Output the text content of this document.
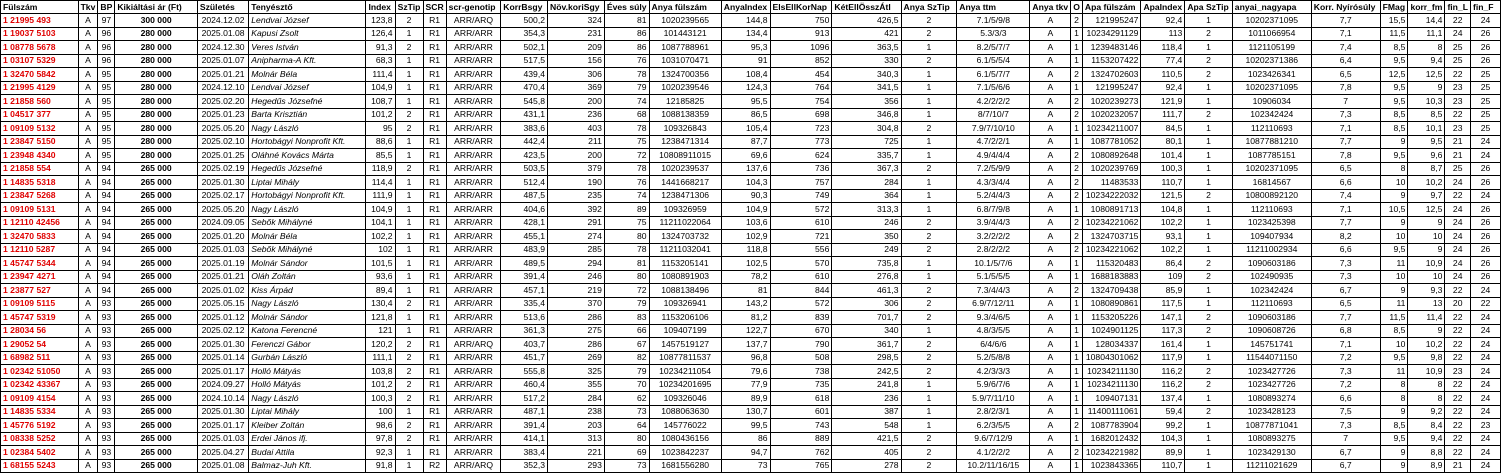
Fülszám	Tkv	BP	Kikiáltási ár (Ft)	Születés	Tenyésztő	Index	SzTip	SCR	scr-genotip	KorrBsgy	Növ.koriSgy	Éves súly	Anya fülszám	AnyaIndex	ElsEllKorNap	KétEllÖsszÁtl	Anya SzTip	Anya ttm	Anya tkv	O	Apa fülszám	ApaIndex	Apa SzTip	anyai_nagyapa	Korr. Nyírósúly	FMag	korr_fm	fin_L	fin_F
1 21995 493	A	97	300 000	2024.12.02	Lendvai József	123,8	2	R1	ARR/ARQ	500,2	324	81	1020239565	144,8	750	426,5	2	7.1/5/9/8	A	2	121995247	92,4	1	10202371095	7,7	15,5	14,4	22	24
1 19037 5103	A	96	280 000	2025.01.08	Kapusi Zsolt	126,4	1	R1	ARR/ARR	354,3	231	86	101443121	134,4	913	421	2	5.3/3/3	A	1	10234291129	113	2	1011066954	7,1	11,5	11,1	24	26
1 08778 5678	A	96	280 000	2024.12.30	Veres István	91,3	2	R1	ARR/ARR	502,1	209	86	1087788961	95,3	1096	363,5	1	8.2/5/7/7	A	1	1239483146	118,4	1	1121105199	7,4	8,5	8	25	26
1 03107 5329	A	96	280 000	2025.01.07	Anipharma-A Kft.	68,3	1	R1	ARR/ARR	517,5	156	76	1031070471	91	852	330	2	6.1/5/5/4	A	1	1153207422	77,4	2	10202371386	6,4	9,5	9,4	25	26
1 32470 5842	A	95	280 000	2025.01.21	Molnár Béla	111,4	1	R1	ARR/ARR	439,4	306	78	1324700356	108,4	454	340,3	1	6.1/5/7/7	A	2	1324702603	110,5	2	1023426341	6,5	12,5	12,5	22	25
1 21995 4129	A	95	280 000	2024.12.10	Lendvai József	104,9	1	R1	ARR/ARR	470,4	369	79	1020239546	124,3	764	341,5	1	7.1/5/6/6	A	1	121995247	92,4	1	10202371095	7,8	9,5	9	23	25
1 21858 560	A	95	280 000	2025.02.20	Hegedűs Józsefné	108,7	1	R1	ARR/ARR	545,8	200	74	12185825	95,5	754	356	1	4.2/2/2/2	A	2	1020239273	121,9	1	10906034	7	9,5	10,3	23	25
1 04517 377	A	95	280 000	2025.01.23	Barta Krisztián	101,2	2	R1	ARR/ARR	431,1	236	68	1088138359	86,5	698	346,8	1	8/7/10/7	A	2	1020232057	111,7	2	102342424	7,3	8,5	8,5	22	25
1 09109 5132	A	95	280 000	2025.05.20	Nagy László	95	2	R1	ARR/ARR	383,6	403	78	109326843	105,4	723	304,8	2	7.9/7/10/10	A	1	10234211007	84,5	1	112110693	7,1	8,5	10,1	23	25
1 23847 5150	A	95	280 000	2025.02.10	Hortobágyi Nonprofit Kft.	88,6	1	R1	ARR/ARR	442,4	211	75	1238471314	87,7	773	725	1	4.7/2/2/1	A	1	1087781052	80,1	1	10877881210	7,7	9	9,5	21	24
1 23948 4340	A	95	280 000	2025.01.25	Oláhné Kovács Márta	85,5	1	R1	ARR/ARR	423,5	200	72	10808911015	69,6	624	335,7	1	4.9/4/4/4	A	2	1080892648	101,4	1	1087785151	7,8	9,5	9,6	21	24
1 21858 554	A	94	265 000	2025.02.19	Hegedűs Józsefné	118,9	2	R1	ARR/ARR	503,5	379	78	1020239537	137,6	736	367,3	2	7.2/5/9/9	A	2	1020239769	100,3	1	10202371095	6,5	8	8,7	25	26
1 14835 5318	A	94	265 000	2025.01.30	Liptai Mihály	114,4	1	R1	ARR/ARR	512,4	190	76	1441668217	104,3	757	284	1	4.3/3/4/4	A	2	11483533	110,7	1	16814567	6,6	10	10,2	24	26
1 23847 5268	A	94	265 000	2025.02.17	Hortobágyi Nonprofit Kft.	111,9	1	R1	ARR/ARR	487,5	235	74	1238471306	90,3	749	364	1	5.2/4/4/3	A	2	10234222032	121,5	2	10800892120	7,4	9	9,7	22	24
1 09109 5131	A	94	265 000	2025.05.20	Nagy László	104,9	1	R1	ARR/ARR	404,6	392	89	109326959	104,9	572	313,3	1	6.8/7/9/8	A	1	1080891713	104,8	1	112110693	7,1	10,5	12,5	24	26
1 12110 42456	A	94	265 000	2024.09.05	Sebők Mihályné	104,1	1	R1	ARR/ARR	428,1	291	75	11211022064	103,6	610	246	2	3.9/4/4/3	A	2	10234221062	102,2	1	1023425398	7,7	9	9	24	26
1 32470 5833	A	94	265 000	2025.01.20	Molnár Béla	102,2	1	R1	ARR/ARR	455,1	274	80	1324703732	102,9	721	350	2	3.2/2/2/2	A	2	1324703715	93,1	1	109407934	8,2	10	10	24	26
1 12110 5287	A	94	265 000	2025.01.03	Sebők Mihályné	102	1	R1	ARR/ARR	483,9	285	78	11211032041	118,8	556	249	2	2.8/2/2/2	A	2	10234221062	102,2	1	11211002934	6,6	9,5	9	24	26
1 45747 5344	A	94	265 000	2025.01.19	Molnár Sándor	101,5	1	R1	ARR/ARR	489,5	294	81	1153205141	102,5	570	735,8	1	10.1/5/7/6	A	1	115320483	86,4	2	1090603186	7,3	11	10,9	24	26
1 23947 4271	A	94	265 000	2025.01.21	Oláh Zoltán	93,6	1	R1	ARR/ARR	391,4	246	80	1080891903	78,2	610	276,8	1	5.1/5/5/5	A	1	1688183883	109	2	102490935	7,3	10	10	24	26
1 23877 527	A	94	265 000	2025.01.02	Kiss Árpád	89,4	1	R1	ARR/ARR	457,1	219	72	1088138496	81	844	461,3	2	7.3/4/4/3	A	2	1324709438	85,9	1	102342424	6,7	9	9,3	22	24
1 09109 5115	A	93	265 000	2025.05.15	Nagy László	130,4	2	R1	ARR/ARR	335,4	370	79	109326941	143,2	572	306	2	6.9/7/12/11	A	1	1080890861	117,5	1	112110693	6,5	11	13	20	22
1 45747 5319	A	93	265 000	2025.01.12	Molnár Sándor	121,8	1	R1	ARR/ARR	513,6	286	83	1153206106	81,2	839	701,7	2	9.3/4/6/5	A	1	1153205226	147,1	2	1090603186	7,7	11,5	11,4	22	24
1 28034 56	A	93	265 000	2025.02.12	Katona Ferencné	121	1	R1	ARR/ARR	361,3	275	66	109407199	122,7	670	340	1	4.8/3/5/5	A	1	1024901125	117,3	2	1090608726	6,8	8,5	9	22	24
1 29052 54	A	93	265 000	2025.01.30	Ferenczi Gábor	120,2	2	R1	ARR/ARQ	403,7	286	67	1457519127	137,7	790	361,7	2	6/4/6/6	A	1	128034337	161,4	1	145751741	7,1	10	10,2	22	24
1 68982 511	A	93	265 000	2025.01.14	Gurbán László	111,1	2	R1	ARR/ARR	451,7	269	82	10877811537	96,8	508	298,5	2	5.2/5/8/8	A	1	10804301062	117,9	1	11544071150	7,2	9,5	9,8	22	24
1 02342 51050	A	93	265 000	2025.01.17	Holló Mátyás	103,8	2	R1	ARR/ARR	555,8	325	79	10234211054	79,6	738	242,5	2	4.2/3/3/3	A	1	10234211130	116,2	2	1023427726	7,3	11	10,9	23	24
1 02342 43367	A	93	265 000	2024.09.27	Holló Mátyás	101,2	2	R1	ARR/ARR	460,4	355	70	10234201695	77,9	735	241,8	1	5.9/6/7/6	A	1	10234211130	116,2	2	1023427726	7,2	8	8	22	24
1 09109 4154	A	93	265 000	2024.10.14	Nagy László	100,3	2	R1	ARR/ARR	517,2	284	62	109326046	89,9	618	236	1	5.9/7/11/10	A	1	109407131	137,4	1	1080893274	6,6	8	8	22	24
1 14835 5334	A	93	265 000	2025.01.30	Liptai Mihály	100	1	R1	ARR/ARR	487,1	238	73	1088063630	130,7	601	387	1	2.8/2/3/1	A	1	11400111061	59,4	2	1023428123	7,5	9	9,2	22	24
1 45776 5192	A	93	265 000	2025.01.17	Kleiber Zoltán	98,6	2	R1	ARR/ARR	391,4	203	64	145776022	99,5	743	548	1	6.2/3/5/5	A	2	1087783904	99,2	1	10877871041	7,3	8,5	8,4	22	23
1 08338 5252	A	93	265 000	2025.01.03	Erdei János ifj.	97,8	2	R1	ARR/ARR	414,1	313	80	1080436156	86	889	421,5	2	9.6/7/12/9	A	1	1682012432	104,3	1	1080893275	7	9,5	9,4	22	24
1 02384 5402	A	93	265 000	2025.04.27	Budai Attila	92,3	1	R1	ARR/ARR	383,4	221	69	1023842237	94,7	762	405	2	4.1/2/2/2	A	2	10234221982	89,9	1	1023429130	6,7	9	8,8	22	24
1 68155 5243	A	93	265 000	2025.01.08	Balmaz-Juh Kft.	91,8	1	R2	ARR/ARQ	352,3	293	73	1681556280	73	765	278	2	10.2/11/16/15	A	1	1023843365	110,7	1	11211021629	6,7	9	8,9	21	24
